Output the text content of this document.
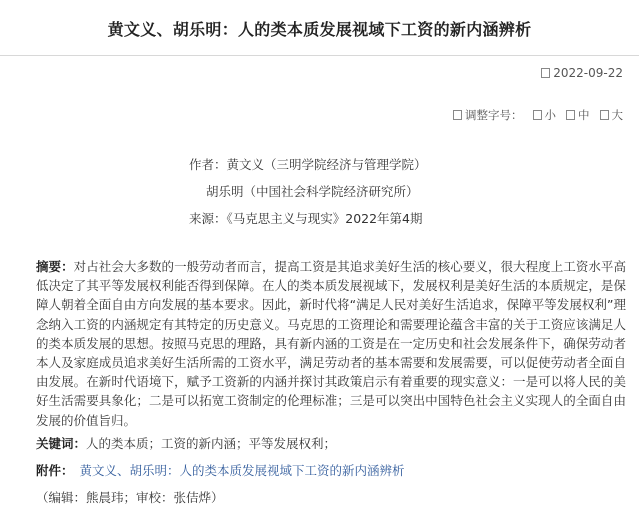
黄文义、胡乐明：人的类本质发展视域下工资的新内涵辨析
2022-09-22
调整字号： 小 中 大
作者：黄文义（三明学院经济与管理学院）
胡乐明（中国社会科学院经济研究所）
来源：《马克思主义与现实》2022年第4期

摘要：对占社会大多数的一般劳动者而言，提高工资是其追求美好生活的核心要义，很大程度上工资水平高低决定了其平等发展权利能否得到保障。在人的类本质发展视域下，发展权利是美好生活的本质规定，是保障人朝着全面自由方向发展的基本要求。因此，新时代将“满足人民对美好生活追求，保障平等发展权利”理念纳入工资的内涵规定有其特定的历史意义。马克思的工资理论和需要理论蕴含丰富的关于工资应该满足人的类本质发展的思想。按照马克思的理路，具有新内涵的工资是在一定历史和社会发展条件下，确保劳动者本人及家庭成员追求美好生活所需的工资水平，满足劳动者的基本需要和发展需要，可以促使劳动者全面自由发展。在新时代语境下，赋予工资新的内涵并探讨其政策启示有着重要的现实意义：一是可以将人民的美好生活需要具象化；二是可以拓宽工资制定的伦理标准；三是可以突出中国特色社会主义实现人的全面自由发展的价值旨归。

关键词：人的类本质；工资的新内涵；平等发展权利；
附件： 黄文义、胡乐明：人的类本质发展视域下工资的新内涵辨析
（编辑：熊晨玮；审校：张佶烨）
